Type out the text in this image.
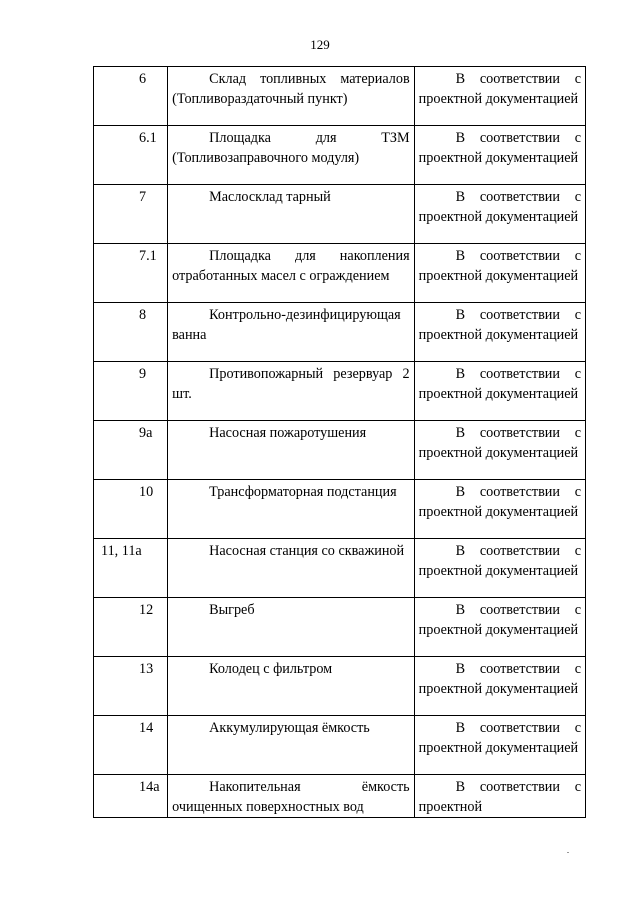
129
6	Склад топливных материалов (Топливораздаточный пункт)	В соответствии с проектной документацией

6.1	Площадка для ТЗМ (Топливозаправочного модуля)	В соответствии с проектной документацией

7	Маслосклад тарный	В соответствии с проектной документацией

7.1	Площадка для накопления отработанных масел с ограждением	В соответствии с проектной документацией

8	Контрольно-дезинфицирующая ванна	В соответствии с проектной документацией

9	Противопожарный резервуар 2 шт.	В соответствии с проектной документацией

9а	Насосная пожаротушения	В соответствии с проектной документацией

10	Трансформаторная подстанция	В соответствии с проектной документацией

11, 11а	Насосная станция со скважиной	В соответствии с проектной документацией

12	Выгреб	В соответствии с проектной документацией

13	Колодец с фильтром	В соответствии с проектной документацией

14	Аккумулирующая ёмкость	В соответствии с проектной документацией

14а	Накопительная ёмкость очищенных поверхностных вод	В соответствии с проектной
